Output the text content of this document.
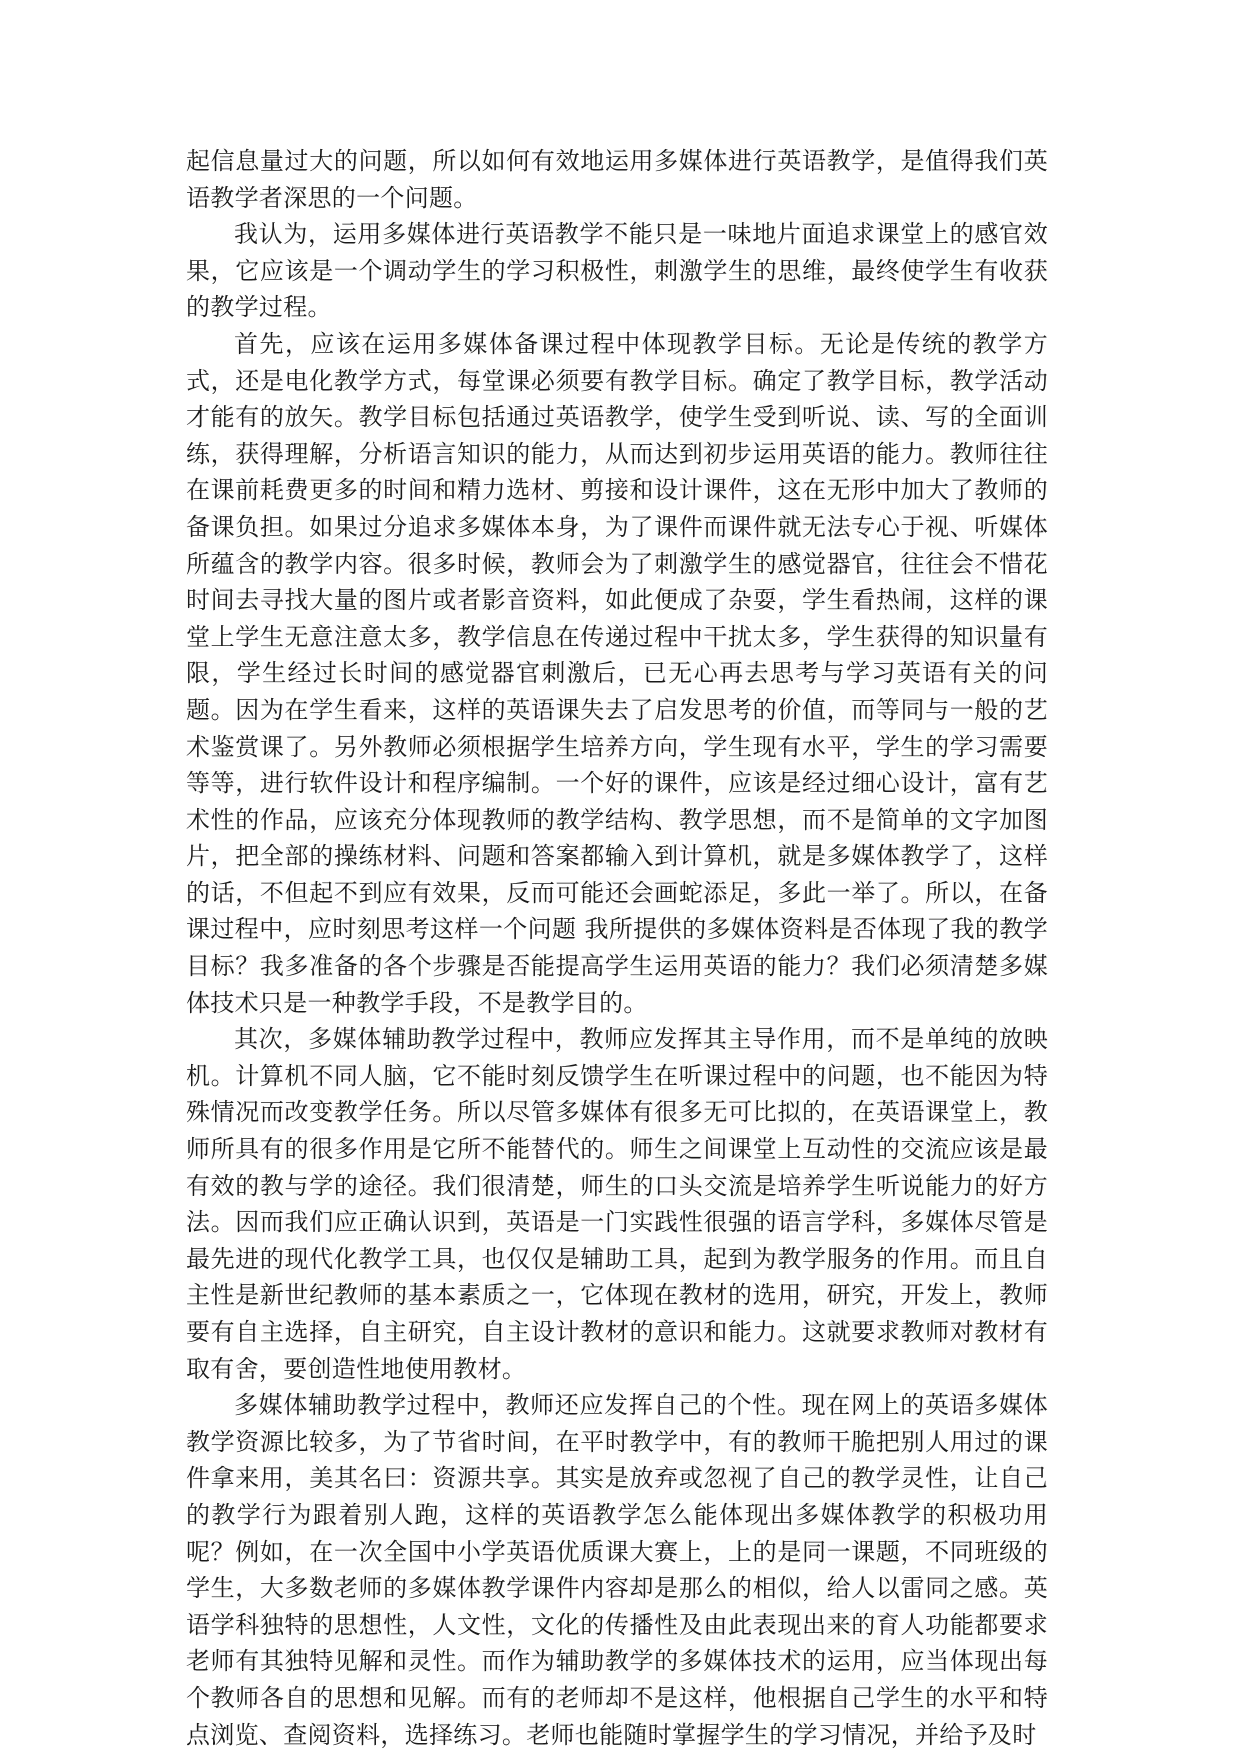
起信息量过大的问题，所以如何有效地运用多媒体进行英语教学，是值得我们英语教学者深思的一个问题。

我认为，运用多媒体进行英语教学不能只是一味地片面追求课堂上的感官效果，它应该是一个调动学生的学习积极性，刺激学生的思维，最终使学生有收获的教学过程。

首先，应该在运用多媒体备课过程中体现教学目标。无论是传统的教学方式，还是电化教学方式，每堂课必须要有教学目标。确定了教学目标，教学活动才能有的放矢。教学目标包括通过英语教学，使学生受到听说、读、写的全面训练，获得理解，分析语言知识的能力，从而达到初步运用英语的能力。教师往往在课前耗费更多的时间和精力选材、剪接和设计课件，这在无形中加大了教师的备课负担。如果过分追求多媒体本身，为了课件而课件就无法专心于视、听媒体所蕴含的教学内容。很多时候，教师会为了刺激学生的感觉器官，往往会不惜花时间去寻找大量的图片或者影音资料，如此便成了杂耍，学生看热闹，这样的课堂上学生无意注意太多，教学信息在传递过程中干扰太多，学生获得的知识量有限，学生经过长时间的感觉器官刺激后，已无心再去思考与学习英语有关的问题。因为在学生看来，这样的英语课失去了启发思考的价值，而等同与一般的艺术鉴赏课了。另外教师必须根据学生培养方向，学生现有水平，学生的学习需要等等，进行软件设计和程序编制。一个好的课件，应该是经过细心设计，富有艺术性的作品，应该充分体现教师的教学结构、教学思想，而不是简单的文字加图片，把全部的操练材料、问题和答案都输入到计算机，就是多媒体教学了，这样的话，不但起不到应有效果，反而可能还会画蛇添足，多此一举了。所以，在备课过程中，应时刻思考这样一个问题 我所提供的多媒体资料是否体现了我的教学目标？我多准备的各个步骤是否能提高学生运用英语的能力？我们必须清楚多媒体技术只是一种教学手段，不是教学目的。

其次，多媒体辅助教学过程中，教师应发挥其主导作用，而不是单纯的放映机。计算机不同人脑，它不能时刻反馈学生在听课过程中的问题，也不能因为特殊情况而改变教学任务。所以尽管多媒体有很多无可比拟的，在英语课堂上，教师所具有的很多作用是它所不能替代的。师生之间课堂上互动性的交流应该是最有效的教与学的途径。我们很清楚，师生的口头交流是培养学生听说能力的好方法。因而我们应正确认识到，英语是一门实践性很强的语言学科，多媒体尽管是最先进的现代化教学工具，也仅仅是辅助工具，起到为教学服务的作用。而且自主性是新世纪教师的基本素质之一，它体现在教材的选用，研究，开发上，教师要有自主选择，自主研究，自主设计教材的意识和能力。这就要求教师对教材有取有舍，要创造性地使用教材。

多媒体辅助教学过程中，教师还应发挥自己的个性。现在网上的英语多媒体教学资源比较多，为了节省时间，在平时教学中，有的教师干脆把别人用过的课件拿来用，美其名曰：资源共享。其实是放弃或忽视了自己的教学灵性，让自己的教学行为跟着别人跑，这样的英语教学怎么能体现出多媒体教学的积极功用呢？例如，在一次全国中小学英语优质课大赛上，上的是同一课题，不同班级的学生，大多数老师的多媒体教学课件内容却是那么的相似，给人以雷同之感。英语学科独特的思想性，人文性，文化的传播性及由此表现出来的育人功能都要求老师有其独特见解和灵性。而作为辅助教学的多媒体技术的运用，应当体现出每个教师各自的思想和见解。而有的老师却不是这样，他根据自己学生的水平和特点浏览、查阅资料，选择练习。老师也能随时掌握学生的学习情况，并给予及时
